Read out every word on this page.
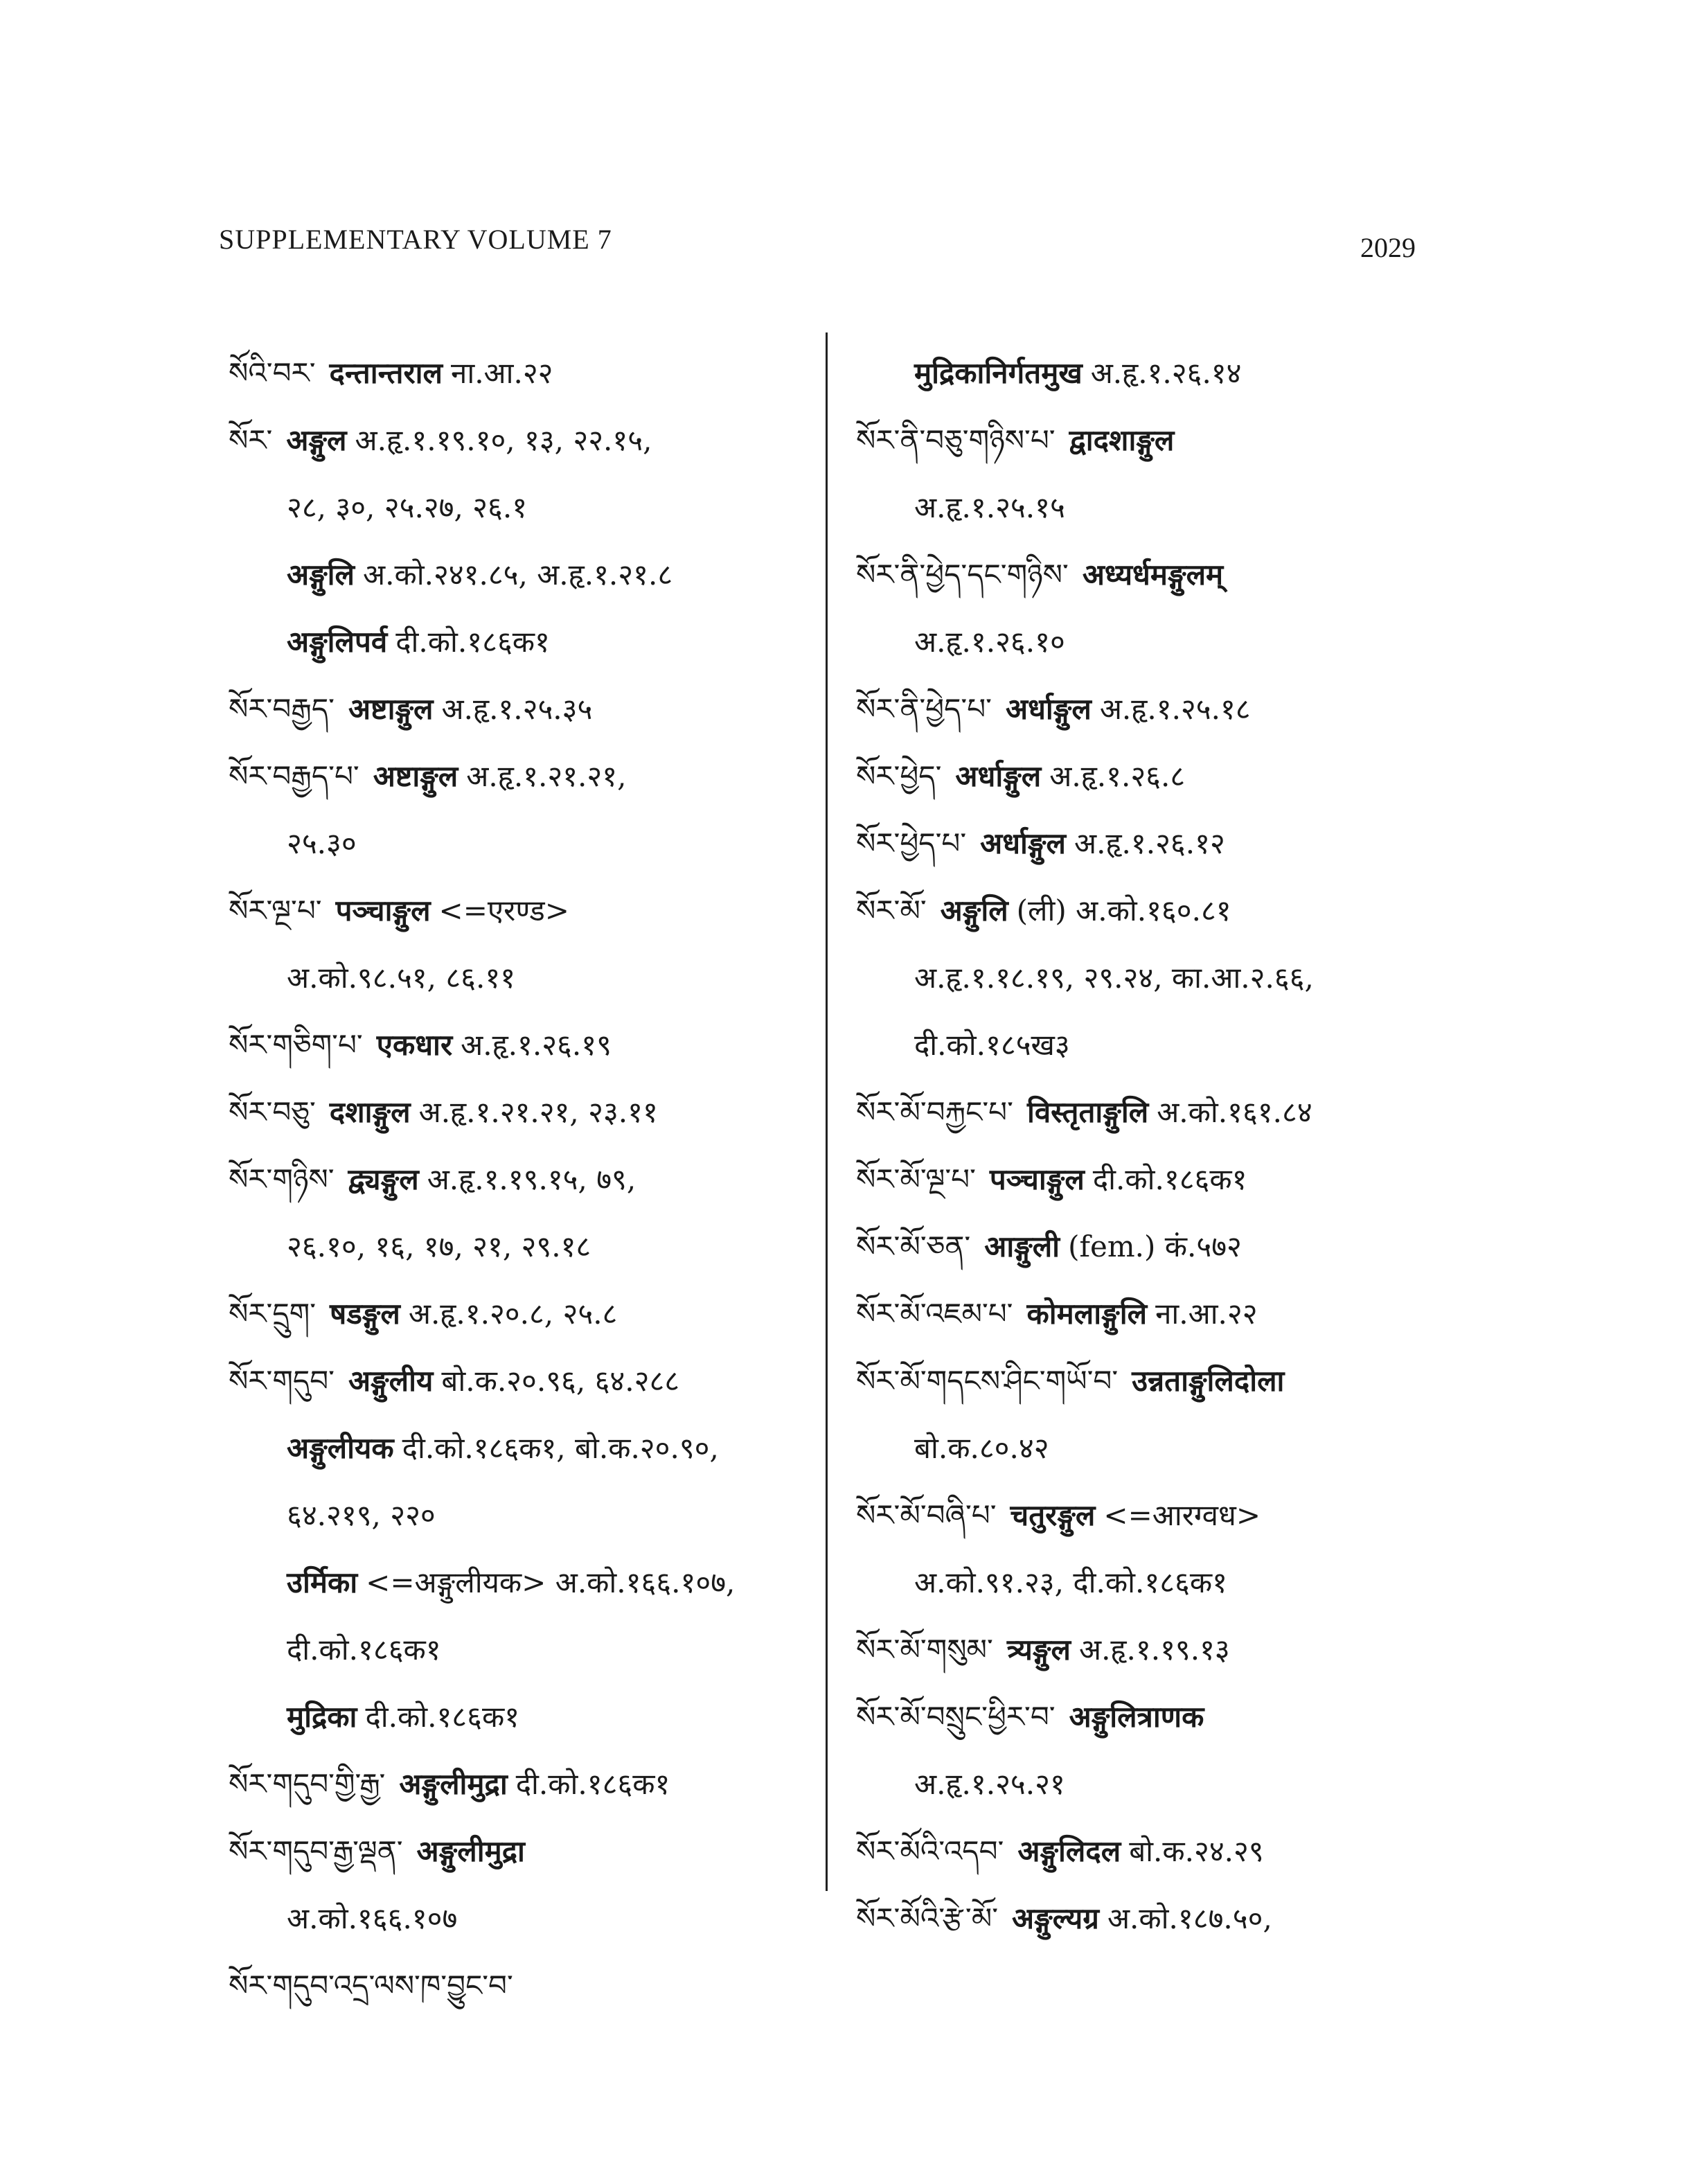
SUPPLEMENTARY VOLUME 7	2029
སོའི་བར་ दन्तान्तराल ना.आ.२२
སོར་ अङ्गुल अ.हृ.१.१९.१०, १३, २२.१५,
२८, ३०, २५.२७, २६.१
अङ्गुलि अ.को.२४१.८५, अ.हृ.१.२१.८
अङ्गुलिपर्व दी.को.१८६क१
སོར་བརྒྱད་ अष्टाङ्गुल अ.हृ.१.२५.३५
སོར་བརྒྱད་པ་ अष्टाङ्गुल अ.हृ.१.२१.२१,
२५.३०
སོར་ལྔ་པ་ पञ्चाङ्गुल <=एरण्ड>
अ.को.९८.५१, ८६.११
སོར་གཅིག་པ་ एकधार अ.हृ.१.२६.१९
སོར་བཅུ་ दशाङ्गुल अ.हृ.१.२१.२१, २३.११
སོར་གཉིས་ द्व्यङ्गुल अ.हृ.१.१९.१५, ७९,
२६.१०, १६, १७, २१, २९.१८
སོར་དྲུག་ षडङ्गुल अ.हृ.१.२०.८, २५.८
སོར་གདུབ་ अङ्गुलीय बो.क.२०.९६, ६४.२८८
अङ्गुलीयक दी.को.१८६क१, बो.क.२०.९०,
६४.२१९, २२०
उर्मिका <=अङ्गुलीयक> अ.को.१६६.१०७,
दी.को.१८६क१
मुद्रिका दी.को.१८६क१
སོར་གདུབ་གྱི་རྒྱ་ अङ्गुलीमुद्रा दी.को.१८६क१
སོར་གདུབ་རྒྱ་ལྡན་ अङ्गुलीमुद्रा
अ.को.१६६.१०७
སོར་གདུབ་འདྲ་ལས་ཁ་བྱུང་བ་
मुद्रिकानिर्गतमुख अ.हृ.१.२६.१४
སོར་ནི་བཅུ་གཉིས་པ་ द्वादशाङ्गुल
अ.हृ.१.२५.१५
སོར་ནི་ཕྱེད་དང་གཉིས་ अध्यर्धमङ्गुलम्
अ.हृ.१.२६.१०
སོར་ནི་ཕྱེད་པ་ अर्धाङ्गुल अ.हृ.१.२५.१८
སོར་ཕྱེད་ अर्धाङ्गुल अ.हृ.१.२६.८
སོར་ཕྱེད་པ་ अर्धाङ्गुल अ.हृ.१.२६.१२
སོར་མོ་ अङ्गुलि (ली) अ.को.१६०.८१
अ.हृ.१.१८.१९, २९.२४, का.आ.२.६६,
दी.को.१८५ख३
སོར་མོ་བརྐྱང་པ་ विस्तृताङ्गुलि अ.को.१६१.८४
སོར་མོ་ལྔ་པ་ पञ्चाङ्गुल दी.को.१८६क१
སོར་མོ་ཅན་ आङ्गुली (fem.) कं.५७२
སོར་མོ་འཇམ་པ་ कोमलाङ्गुलि ना.आ.२२
སོར་མོ་གདངས་ཤིང་གཡོ་བ་ उन्नताङ्गुलिदोला
बो.क.८०.४२
སོར་མོ་བཞི་པ་ चतुरङ्गुल <=आरग्वध>
अ.को.९१.२३, दी.को.१८६क१
སོར་མོ་གསུམ་ त्र्यङ्गुल अ.हृ.१.१९.१३
སོར་མོ་བསྲུང་ཕྱིར་བ་ अङ्गुलित्राणक
अ.हृ.१.२५.२१
སོར་མོའི་འདབ་ अङ्गुलिदल बो.क.२४.२९
སོར་མོའི་རྩེ་མོ་ अङ्गुल्यग्र अ.को.१८७.५०,
